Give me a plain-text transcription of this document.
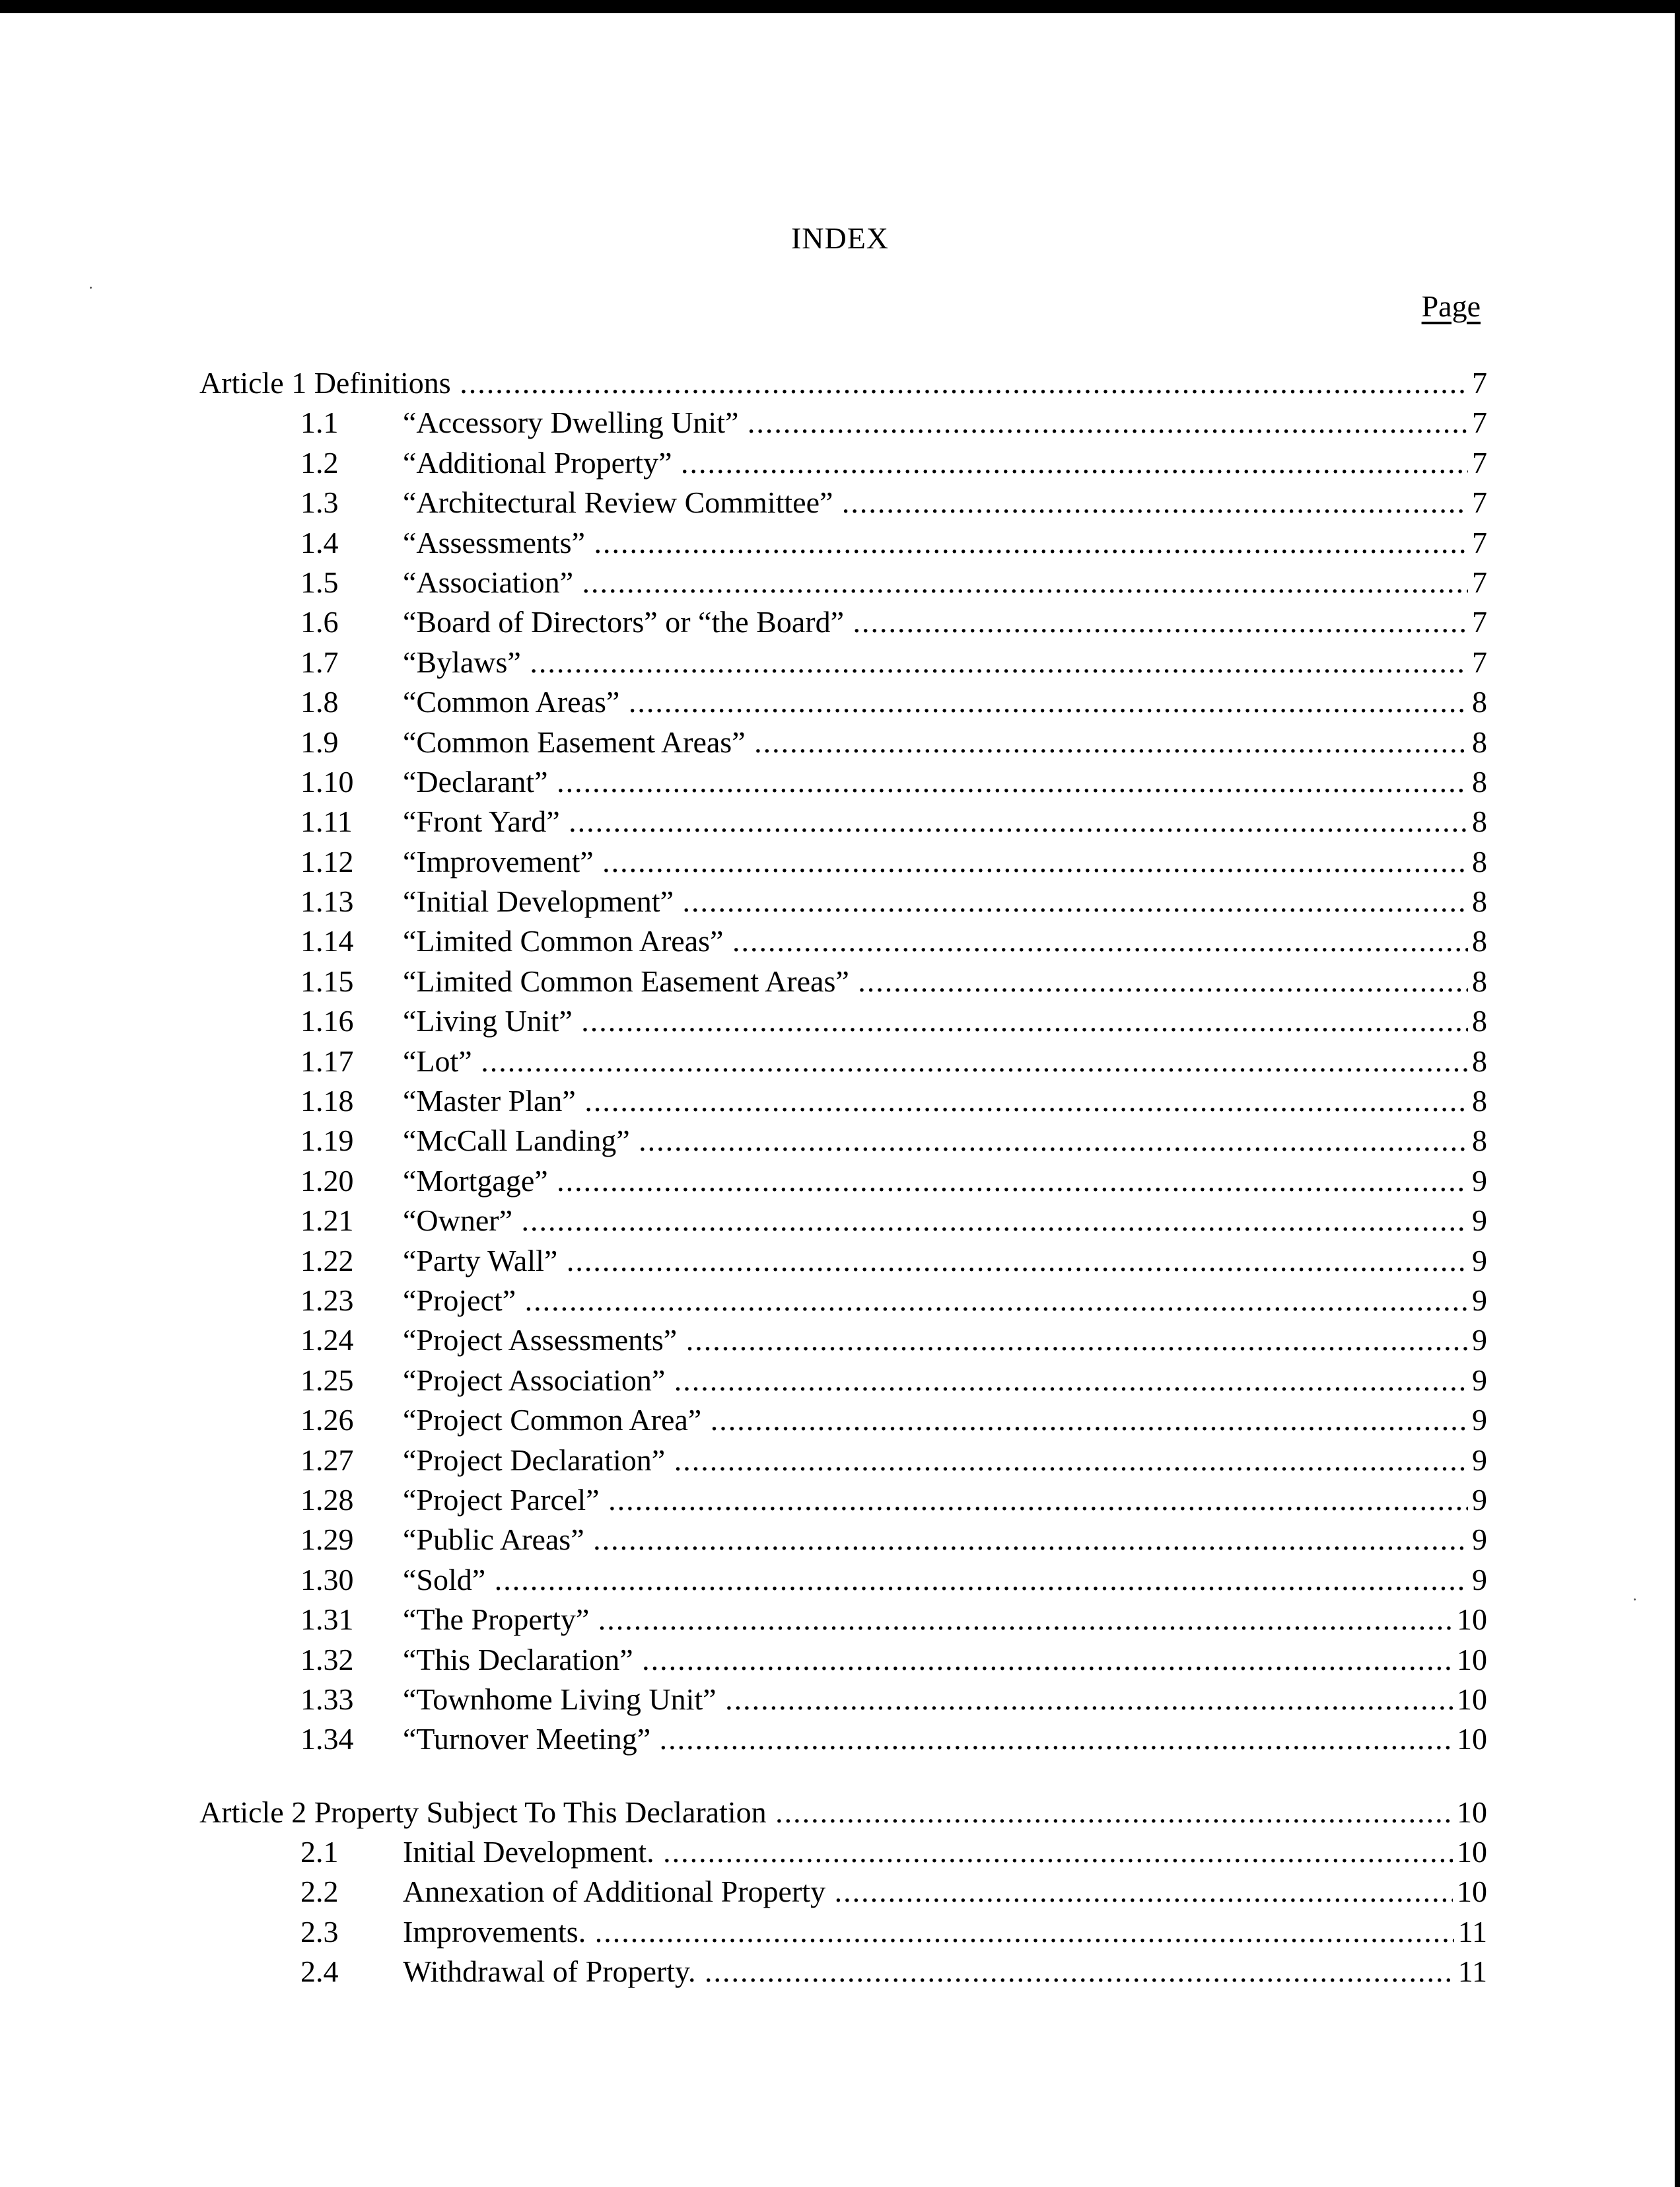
INDEX
Page
Article 1 Definitions .....	7
1.1	“Accessory Dwelling Unit” .....	7
1.2	“Additional Property” .....	7
1.3	“Architectural Review Committee” .....	7
1.4	“Assessments” .....	7
1.5	“Association” .....	7
1.6	“Board of Directors” or “the Board” .....	7
1.7	“Bylaws” .....	7
1.8	“Common Areas” .....	8
1.9	“Common Easement Areas” .....	8
1.10	“Declarant” .....	8
1.11	“Front Yard” .....	8
1.12	“Improvement” .....	8
1.13	“Initial Development” .....	8
1.14	“Limited Common Areas” .....	8
1.15	“Limited Common Easement Areas” .....	8
1.16	“Living Unit” .....	8
1.17	“Lot” .....	8
1.18	“Master Plan” .....	8
1.19	“McCall Landing” .....	8
1.20	“Mortgage” .....	9
1.21	“Owner” .....	9
1.22	“Party Wall” .....	9
1.23	“Project” .....	9
1.24	“Project Assessments” .....	9
1.25	“Project Association” .....	9
1.26	“Project Common Area” .....	9
1.27	“Project Declaration” .....	9
1.28	“Project Parcel” .....	9
1.29	“Public Areas” .....	9
1.30	“Sold” .....	9
1.31	“The Property” .....	10
1.32	“This Declaration” .....	10
1.33	“Townhome Living Unit” .....	10
1.34	“Turnover Meeting” .....	10
Article 2 Property Subject To This Declaration .....	10
2.1	Initial Development. .....	10
2.2	Annexation of Additional Property .....	10
2.3	Improvements. .....	11
2.4	Withdrawal of Property. .....	11
